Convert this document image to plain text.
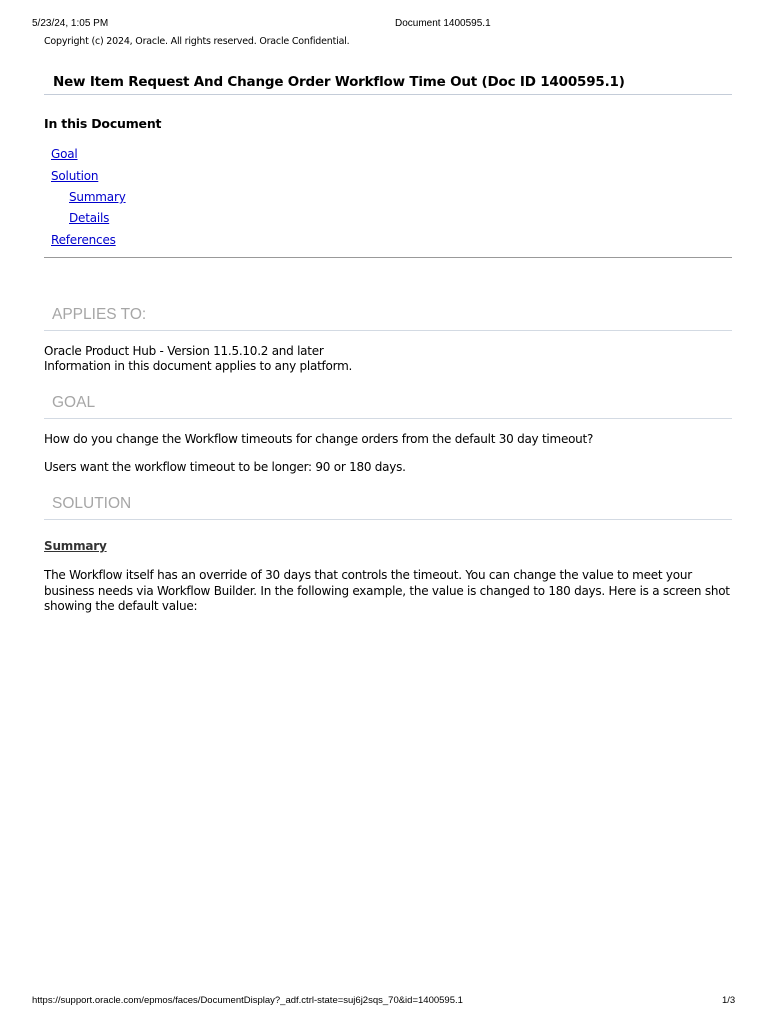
5/23/24, 1:05 PM	Document 1400595.1
Copyright (c) 2024, Oracle. All rights reserved. Oracle Confidential.
New Item Request And Change Order Workflow Time Out (Doc ID 1400595.1)
In this Document
Goal
Solution
Summary
Details
References
APPLIES TO:
Oracle Product Hub - Version 11.5.10.2 and later
Information in this document applies to any platform.
GOAL
How do you change the Workflow timeouts for change orders from the default 30 day timeout?
Users want the workflow timeout to be longer: 90 or 180 days.
SOLUTION
Summary
The Workflow itself has an override of 30 days that controls the timeout. You can change the value to meet your business needs via Workflow Builder. In the following example, the value is changed to 180 days. Here is a screen shot showing the default value:
https://support.oracle.com/epmos/faces/DocumentDisplay?_adf.ctrl-state=suj6j2sqs_70&id=1400595.1	1/3
